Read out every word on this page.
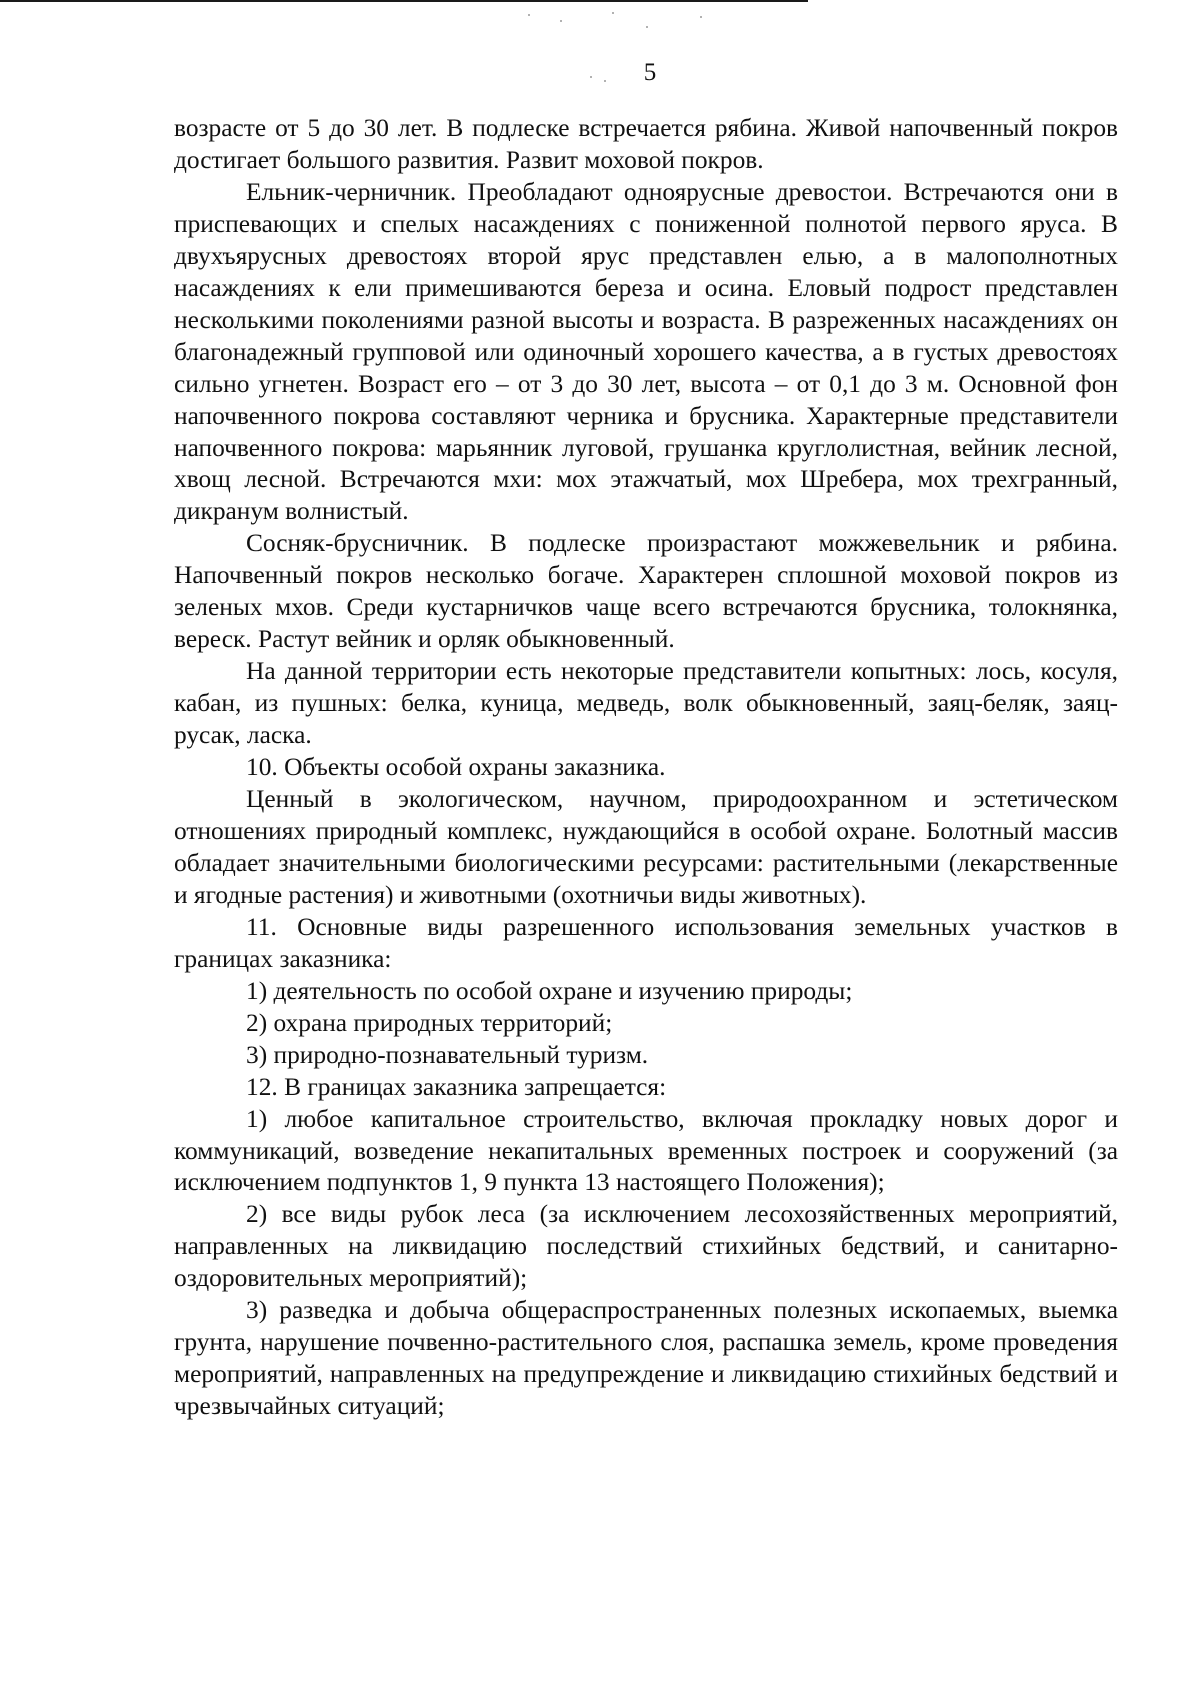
5

возрасте от 5 до 30 лет. В подлеске встречается рябина. Живой напочвенный покров достигает большого развития. Развит моховой покров.

Ельник-черничник. Преобладают одноярусные древостои. Встречаются они в приспевающих и спелых насаждениях с пониженной полнотой первого яруса. В двухъярусных древостоях второй ярус представлен елью, а в малополнотных насаждениях к ели примешиваются береза и осина. Еловый подрост представлен несколькими поколениями разной высоты и возраста. В разреженных насаждениях он благонадежный групповой или одиночный хорошего качества, а в густых древостоях сильно угнетен. Возраст его – от 3 до 30 лет, высота – от 0,1 до 3 м. Основной фон напочвенного покрова составляют черника и брусника. Характерные представители напочвенного покрова: марьянник луговой, грушанка круглолистная, вейник лесной, хвощ лесной. Встречаются мхи: мох этажчатый, мох Шребера, мох трехгранный, дикранум волнистый.

Сосняк-брусничник. В подлеске произрастают можжевельник и рябина. Напочвенный покров несколько богаче. Характерен сплошной моховой покров из зеленых мхов. Среди кустарничков чаще всего встречаются брусника, толокнянка, вереск. Растут вейник и орляк обыкновенный.

На данной территории есть некоторые представители копытных: лось, косуля, кабан, из пушных: белка, куница, медведь, волк обыкновенный, заяц-беляк, заяц-русак, ласка.

10. Объекты особой охраны заказника.

Ценный в экологическом, научном, природоохранном и эстетическом отношениях природный комплекс, нуждающийся в особой охране. Болотный массив обладает значительными биологическими ресурсами: растительными (лекарственные и ягодные растения) и животными (охотничьи виды животных).

11. Основные виды разрешенного использования земельных участков в границах заказника:

1) деятельность по особой охране и изучению природы;

2) охрана природных территорий;

3) природно-познавательный туризм.

12. В границах заказника запрещается:

1) любое капитальное строительство, включая прокладку новых дорог и коммуникаций, возведение некапитальных временных построек и сооружений (за исключением подпунктов 1, 9 пункта 13 настоящего Положения);

2) все виды рубок леса (за исключением лесохозяйственных мероприятий, направленных на ликвидацию последствий стихийных бедствий, и санитарно-оздоровительных мероприятий);

3) разведка и добыча общераспространенных полезных ископаемых, выемка грунта, нарушение почвенно-растительного слоя, распашка земель, кроме проведения мероприятий, направленных на предупреждение и ликвидацию стихийных бедствий и чрезвычайных ситуаций;
